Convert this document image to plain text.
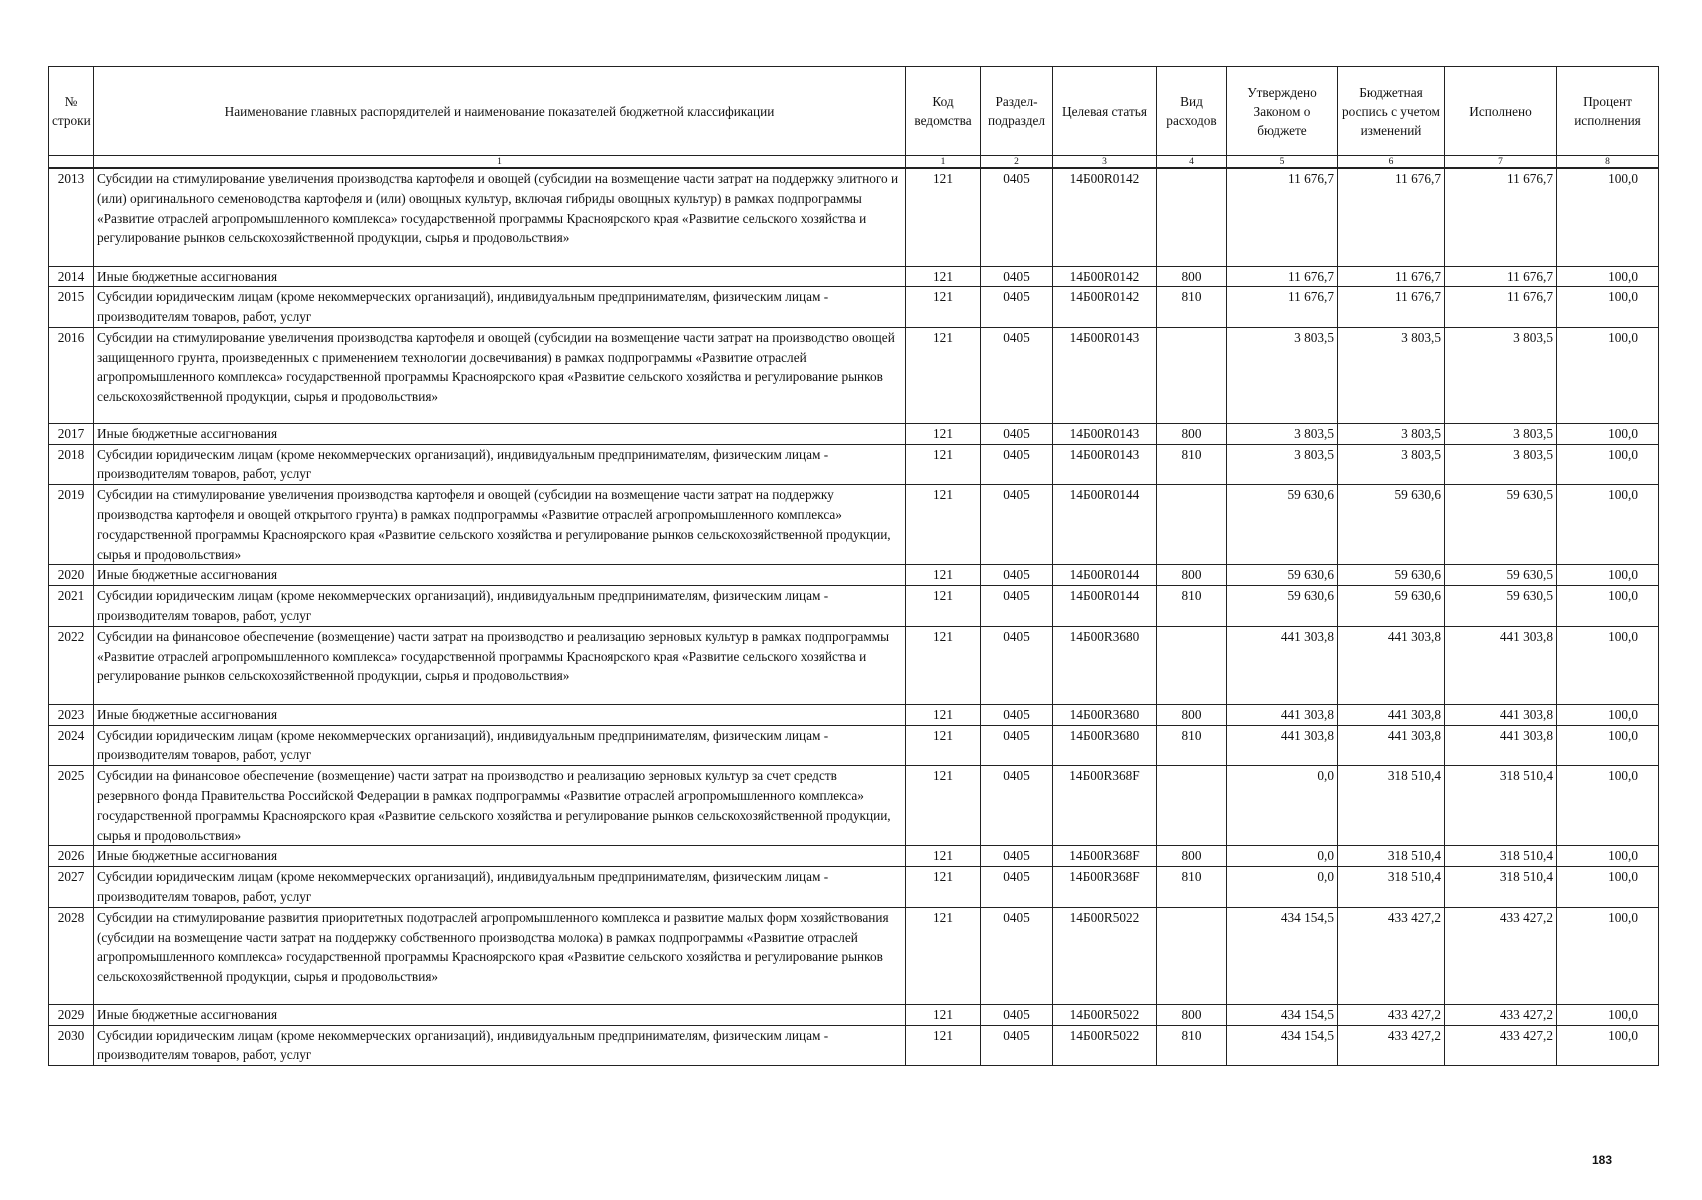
№ строки	Наименование главных распорядителей и наименование показателей бюджетной классификации	Код ведомства	Раздел-подраздел	Целевая статья	Вид расходов	Утверждено Законом о бюджете	Бюджетная роспись с учетом изменений	Исполнено	Процент исполнения
	1	1	2	3	4	5	6	7	8
2013	Субсидии на стимулирование увеличения производства картофеля и овощей (субсидии на возмещение части затрат на поддержку элитного и (или) оригинального семеноводства картофеля и (или) овощных культур, включая гибриды овощных культур) в рамках подпрограммы «Развитие отраслей агропромышленного комплекса» государственной программы Красноярского края «Развитие сельского хозяйства и регулирование рынков сельскохозяйственной продукции, сырья и продовольствия»	121	0405	14Б00R0142		11 676,7	11 676,7	11 676,7	100,0
2014	Иные бюджетные ассигнования	121	0405	14Б00R0142	800	11 676,7	11 676,7	11 676,7	100,0
2015	Субсидии юридическим лицам (кроме некоммерческих организаций), индивидуальным предпринимателям, физическим лицам - производителям товаров, работ, услуг	121	0405	14Б00R0142	810	11 676,7	11 676,7	11 676,7	100,0
2016	Субсидии на стимулирование увеличения производства картофеля и овощей (субсидии на возмещение части затрат на производство овощей защищенного грунта, произведенных с применением технологии досвечивания) в рамках подпрограммы «Развитие отраслей агропромышленного комплекса» государственной программы Красноярского края «Развитие сельского хозяйства и регулирование рынков сельскохозяйственной продукции, сырья и продовольствия»	121	0405	14Б00R0143		3 803,5	3 803,5	3 803,5	100,0
2017	Иные бюджетные ассигнования	121	0405	14Б00R0143	800	3 803,5	3 803,5	3 803,5	100,0
2018	Субсидии юридическим лицам (кроме некоммерческих организаций), индивидуальным предпринимателям, физическим лицам - производителям товаров, работ, услуг	121	0405	14Б00R0143	810	3 803,5	3 803,5	3 803,5	100,0
2019	Субсидии на стимулирование увеличения производства картофеля и овощей (субсидии на возмещение части затрат на поддержку производства картофеля и овощей открытого грунта) в рамках подпрограммы «Развитие отраслей агропромышленного комплекса» государственной программы Красноярского края «Развитие сельского хозяйства и регулирование рынков сельскохозяйственной продукции, сырья и продовольствия»	121	0405	14Б00R0144		59 630,6	59 630,6	59 630,5	100,0
2020	Иные бюджетные ассигнования	121	0405	14Б00R0144	800	59 630,6	59 630,6	59 630,5	100,0
2021	Субсидии юридическим лицам (кроме некоммерческих организаций), индивидуальным предпринимателям, физическим лицам - производителям товаров, работ, услуг	121	0405	14Б00R0144	810	59 630,6	59 630,6	59 630,5	100,0
2022	Субсидии на финансовое обеспечение (возмещение) части затрат на производство и реализацию зерновых культур в рамках подпрограммы «Развитие отраслей агропромышленного комплекса» государственной программы Красноярского края «Развитие сельского хозяйства и регулирование рынков сельскохозяйственной продукции, сырья и продовольствия»	121	0405	14Б00R3680		441 303,8	441 303,8	441 303,8	100,0
2023	Иные бюджетные ассигнования	121	0405	14Б00R3680	800	441 303,8	441 303,8	441 303,8	100,0
2024	Субсидии юридическим лицам (кроме некоммерческих организаций), индивидуальным предпринимателям, физическим лицам - производителям товаров, работ, услуг	121	0405	14Б00R3680	810	441 303,8	441 303,8	441 303,8	100,0
2025	Субсидии на финансовое обеспечение (возмещение) части затрат на производство и реализацию зерновых культур за счет средств резервного фонда Правительства Российской Федерации в рамках подпрограммы «Развитие отраслей агропромышленного комплекса» государственной программы Красноярского края «Развитие сельского хозяйства и регулирование рынков сельскохозяйственной продукции, сырья и продовольствия»	121	0405	14Б00R368F		0,0	318 510,4	318 510,4	100,0
2026	Иные бюджетные ассигнования	121	0405	14Б00R368F	800	0,0	318 510,4	318 510,4	100,0
2027	Субсидии юридическим лицам (кроме некоммерческих организаций), индивидуальным предпринимателям, физическим лицам - производителям товаров, работ, услуг	121	0405	14Б00R368F	810	0,0	318 510,4	318 510,4	100,0
2028	Субсидии на стимулирование развития приоритетных подотраслей агропромышленного комплекса и развитие малых форм хозяйствования (субсидии на возмещение части затрат на поддержку собственного производства молока) в рамках подпрограммы «Развитие отраслей агропромышленного комплекса» государственной программы Красноярского края «Развитие сельского хозяйства и регулирование рынков сельскохозяйственной продукции, сырья и продовольствия»	121	0405	14Б00R5022		434 154,5	433 427,2	433 427,2	100,0
2029	Иные бюджетные ассигнования	121	0405	14Б00R5022	800	434 154,5	433 427,2	433 427,2	100,0
2030	Субсидии юридическим лицам (кроме некоммерческих организаций), индивидуальным предпринимателям, физическим лицам - производителям товаров, работ, услуг	121	0405	14Б00R5022	810	434 154,5	433 427,2	433 427,2	100,0
183
